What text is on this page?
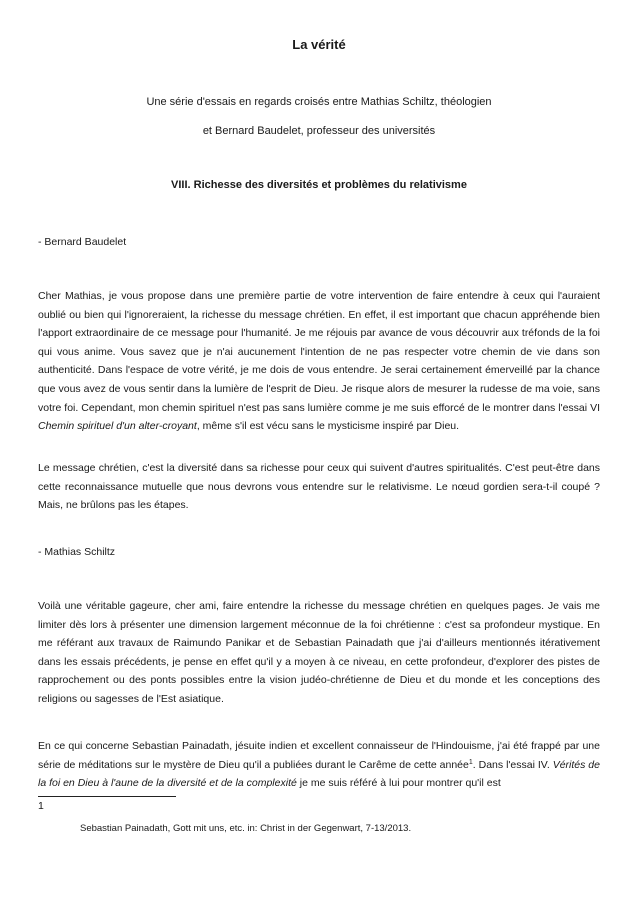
La vérité
Une série d'essais en regards croisés entre Mathias Schiltz, théologien
et Bernard Baudelet, professeur des universités
VIII. Richesse des diversités et problèmes du relativisme
- Bernard Baudelet
Cher Mathias, je vous propose dans une première partie de votre intervention de faire entendre à ceux qui l'auraient oublié ou bien qui l'ignoreraient, la richesse du message chrétien. En effet, il est important que chacun appréhende bien l'apport extraordinaire de ce message pour l'humanité. Je me réjouis par avance de vous découvrir aux tréfonds de la foi qui vous anime. Vous savez que je n'ai aucunement l'intention de ne pas respecter votre chemin de vie dans son authenticité. Dans l'espace de votre vérité, je me dois de vous entendre. Je serai certainement émerveillé par la chance que vous avez de vous sentir dans la lumière de l'esprit de Dieu. Je risque alors de mesurer la rudesse de ma voie, sans votre foi. Cependant, mon chemin spirituel n'est pas sans lumière comme je me suis efforcé de le montrer dans l'essai VI Chemin spirituel d'un alter-croyant, même s'il est vécu sans le mysticisme inspiré par Dieu.
Le message chrétien, c'est la diversité dans sa richesse pour ceux qui suivent d'autres spiritualités. C'est peut-être dans cette reconnaissance mutuelle que nous devrons vous entendre sur le relativisme. Le nœud gordien sera-t-il coupé ? Mais, ne brûlons pas les étapes.
- Mathias Schiltz
Voilà une véritable gageure, cher ami, faire entendre la richesse du message chrétien en quelques pages. Je vais me limiter dès lors à présenter une dimension largement méconnue de la foi chrétienne : c'est sa profondeur mystique. En me référant aux travaux de Raimundo Panikar et de Sebastian Painadath que j'ai d'ailleurs mentionnés itérativement dans les essais précédents, je pense en effet qu'il y a moyen à ce niveau, en cette profondeur, d'explorer des pistes de rapprochement ou des ponts possibles entre la vision judéo-chrétienne de Dieu et du monde et les conceptions des religions ou sagesses de l'Est asiatique.
En ce qui concerne Sebastian Painadath, jésuite indien et excellent connaisseur de l'Hindouisme, j'ai été frappé par une série de méditations sur le mystère de Dieu qu'il a publiées durant le Carême de cette année$^1$. Dans l'essai IV. Vérités de la foi en Dieu à l'aune de la diversité et de la complexité je me suis référé à lui pour montrer qu'il est
1
Sebastian Painadath, Gott mit uns, etc. in: Christ in der Gegenwart, 7-13/2013.
